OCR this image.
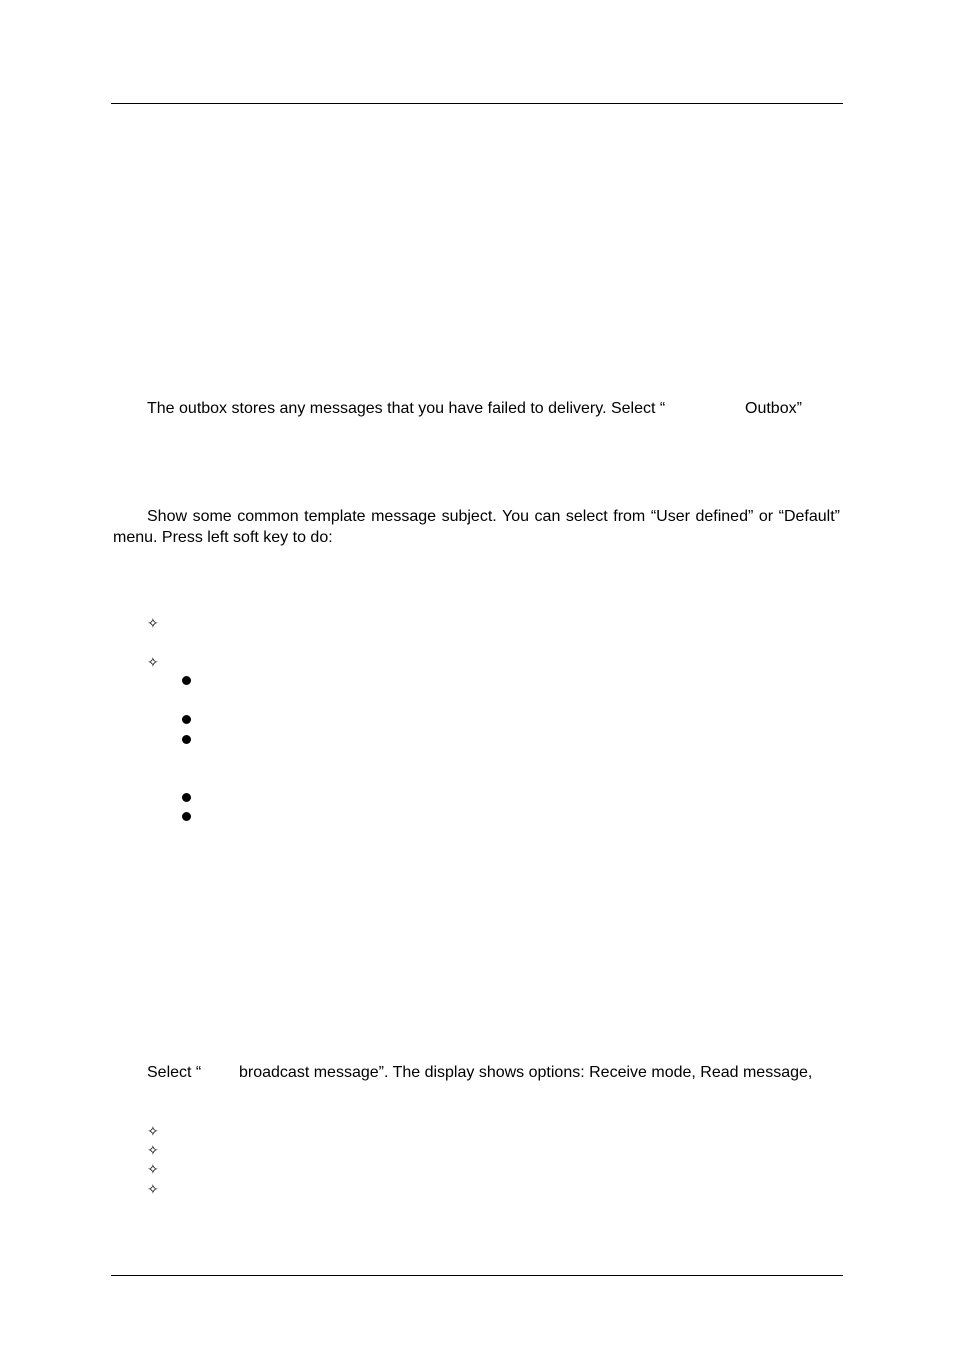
The outbox stores any messages that you have failed to delivery. Select “	Outbox”

Show some common template message subject. You can select from “User defined” or “Default” menu. Press left soft key to do:

✧
✧

Select “ broadcast message”. The display shows options: Receive mode, Read message,

✧
✧
✧
✧
